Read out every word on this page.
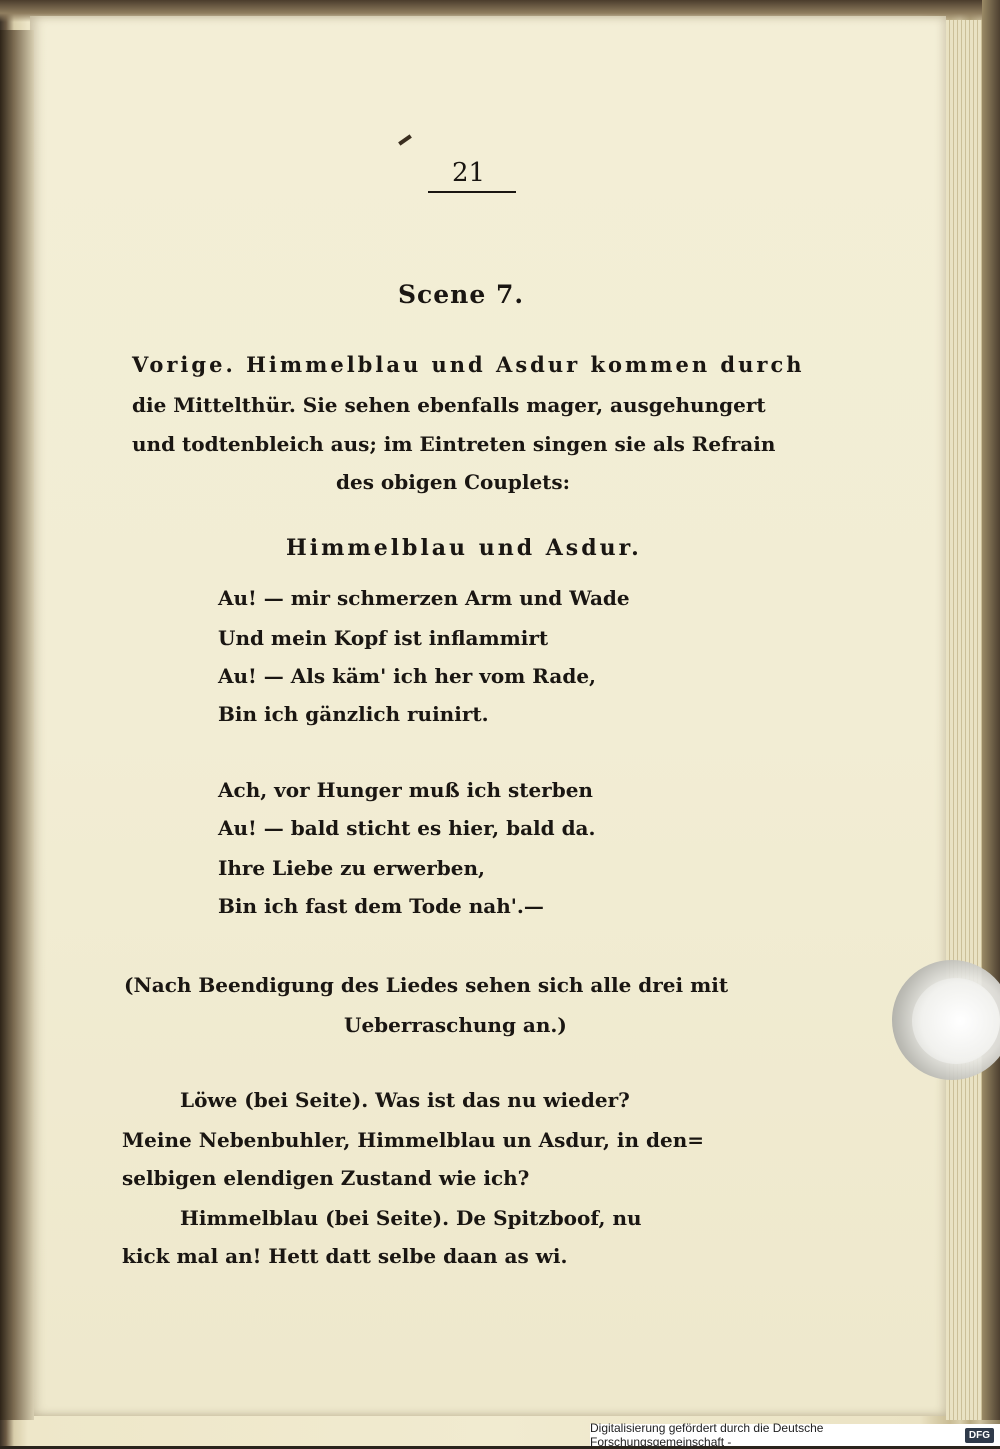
21
Scene 7.
Vorige. Himmelblau und Asdur kommen durch
die Mittelthür. Sie sehen ebenfalls mager, ausgehungert
und todtenbleich aus; im Eintreten singen sie als Refrain
des obigen Couplets:
Himmelblau und Asdur.
Au! — mir schmerzen Arm und Wade
Und mein Kopf ist inflammirt
Au! — Als käm' ich her vom Rade,
Bin ich gänzlich ruinirt.
Ach, vor Hunger muß ich sterben
Au! — bald sticht es hier, bald da.
Ihre Liebe zu erwerben,
Bin ich fast dem Tode nah'.—
(Nach Beendigung des Liedes sehen sich alle drei mit
Ueberraschung an.)
Löwe (bei Seite). Was ist das nu wieder?
Meine Nebenbuhler, Himmelblau un Asdur, in den=
selbigen elendigen Zustand wie ich?
Himmelblau (bei Seite). De Spitzboof, nu
kick mal an! Hett datt selbe daan as wi.
Digitalisierung gefördert durch die Deutsche Forschungsgemeinschaft -	DFG
